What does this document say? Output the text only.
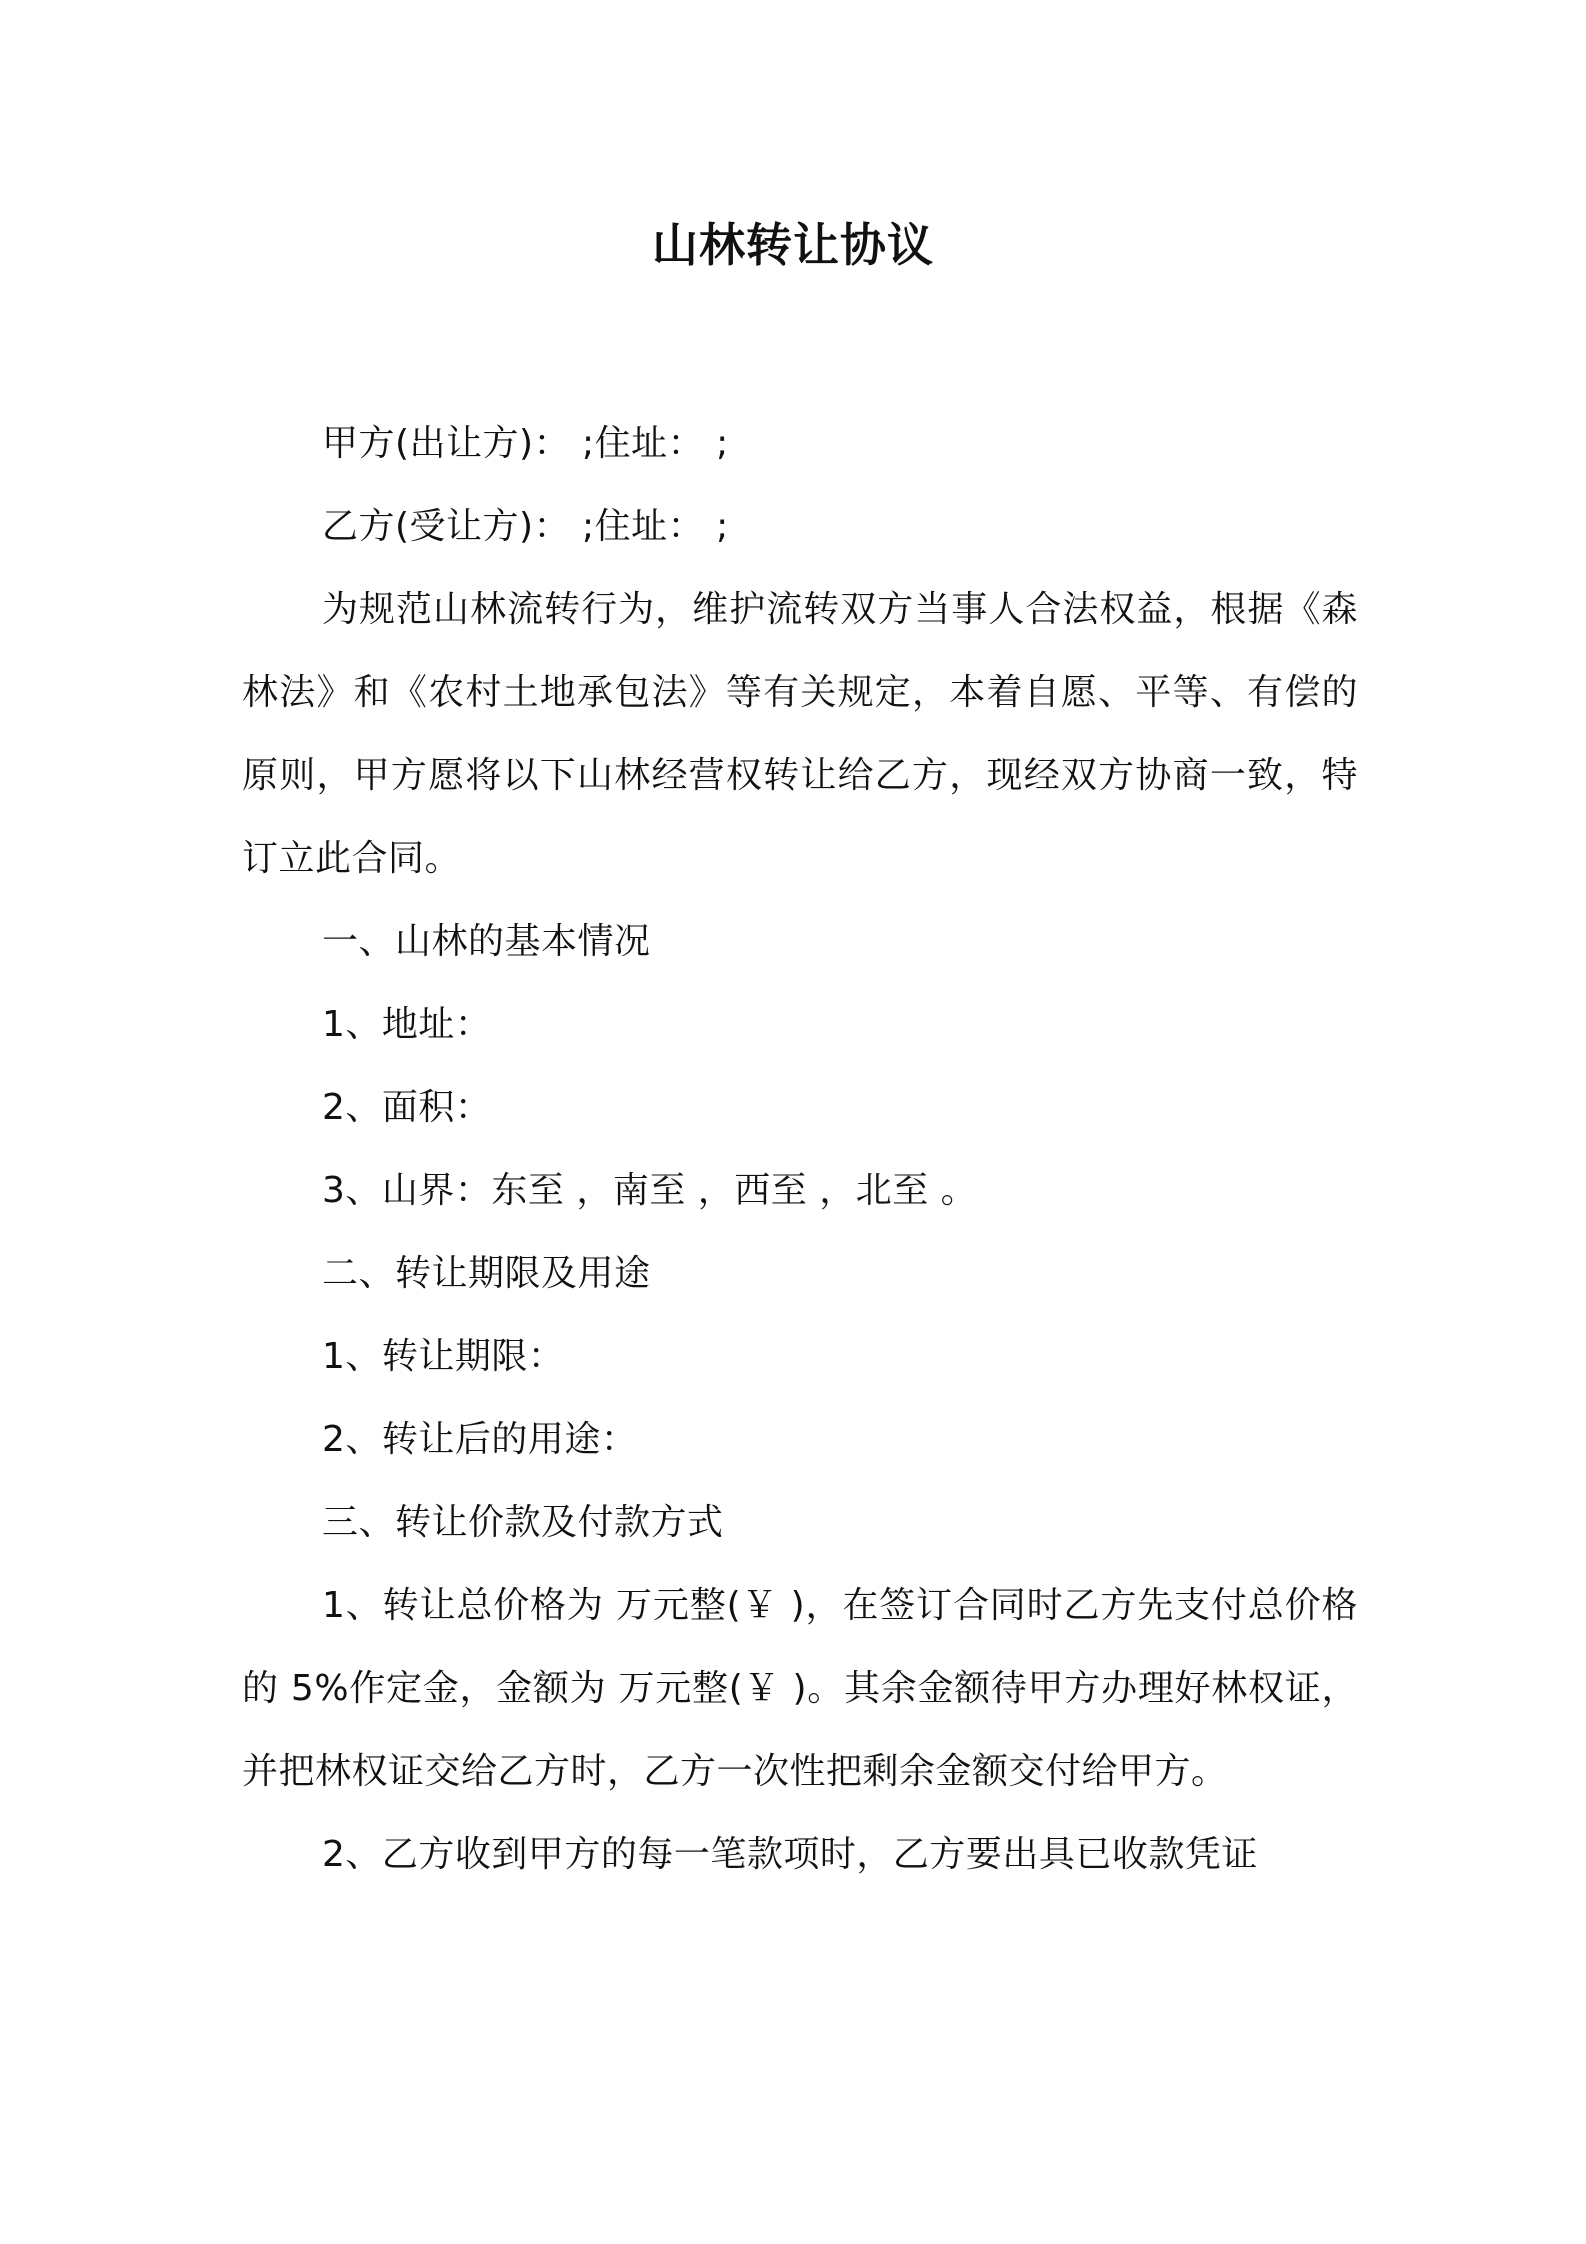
山林转让协议

甲方(出让方)： ;住址： ;

乙方(受让方)： ;住址： ;

为规范山林流转行为，维护流转双方当事人合法权益，根据《森林法》和《农村土地承包法》等有关规定，本着自愿、平等、有偿的原则，甲方愿将以下山林经营权转让给乙方，现经双方协商一致，特订立此合同。

一、山林的基本情况

1、地址：

2、面积：

3、山界：东至 ，南至 ，西至 ，北至 。

二、转让期限及用途

1、转让期限：

2、转让后的用途：

三、转让价款及付款方式

1、转让总价格为 万元整(￥ )，在签订合同时乙方先支付总价格的 5%作定金，金额为 万元整(￥ )。其余金额待甲方办理好林权证，并把林权证交给乙方时，乙方一次性把剩余金额交付给甲方。

2、乙方收到甲方的每一笔款项时，乙方要出具已收款凭证
